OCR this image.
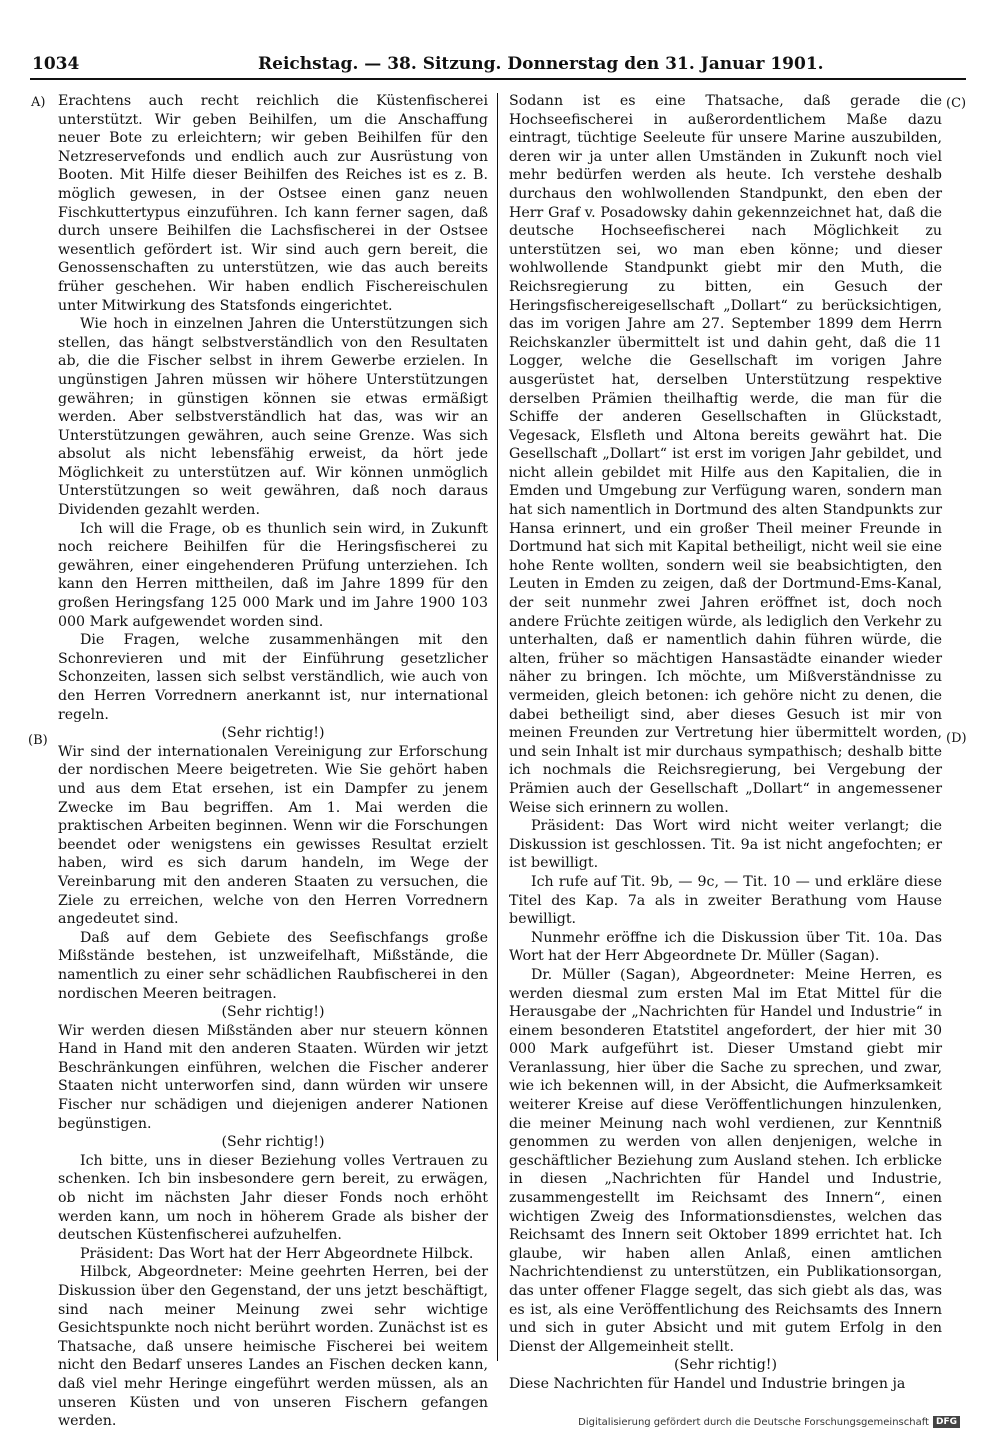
1034	Reichstag. — 38. Sitzung. Donnerstag den 31. Januar 1901.
A)
(B)
(C)
(D)

Erachtens auch recht reichlich die Küstenfischerei unterstützt. Wir geben Beihilfen, um die Anschaffung neuer Bote zu erleichtern; wir geben Beihilfen für den Netzreservefonds und endlich auch zur Ausrüstung von Booten. Mit Hilfe dieser Beihilfen des Reiches ist es z. B. möglich gewesen, in der Ostsee einen ganz neuen Fischkuttertypus einzuführen. Ich kann ferner sagen, daß durch unsere Beihilfen die Lachsfischerei in der Ostsee wesentlich gefördert ist. Wir sind auch gern bereit, die Genossenschaften zu unterstützen, wie das auch bereits früher geschehen. Wir haben endlich Fischereischulen unter Mitwirkung des Statsfonds eingerichtet.

Wie hoch in einzelnen Jahren die Unterstützungen sich stellen, das hängt selbstverständlich von den Resultaten ab, die die Fischer selbst in ihrem Gewerbe erzielen. In ungünstigen Jahren müssen wir höhere Unterstützungen gewähren; in günstigen können sie etwas ermäßigt werden. Aber selbstverständlich hat das, was wir an Unterstützungen gewähren, auch seine Grenze. Was sich absolut als nicht lebensfähig erweist, da hört jede Möglichkeit zu unterstützen auf. Wir können unmöglich Unterstützungen so weit gewähren, daß noch daraus Dividenden gezahlt werden.

Ich will die Frage, ob es thunlich sein wird, in Zukunft noch reichere Beihilfen für die Heringsfischerei zu gewähren, einer eingehenderen Prüfung unterziehen. Ich kann den Herren mittheilen, daß im Jahre 1899 für den großen Heringsfang 125 000 Mark und im Jahre 1900 103 000 Mark aufgewendet worden sind.

Die Fragen, welche zusammenhängen mit den Schonrevieren und mit der Einführung gesetzlicher Schonzeiten, lassen sich selbst verständlich, wie auch von den Herren Vorrednern anerkannt ist, nur international regeln.

(Sehr richtig!)

Wir sind der internationalen Vereinigung zur Erforschung der nordischen Meere beigetreten. Wie Sie gehört haben und aus dem Etat ersehen, ist ein Dampfer zu jenem Zwecke im Bau begriffen. Am 1. Mai werden die praktischen Arbeiten beginnen. Wenn wir die Forschungen beendet oder wenigstens ein gewisses Resultat erzielt haben, wird es sich darum handeln, im Wege der Vereinbarung mit den anderen Staaten zu versuchen, die Ziele zu erreichen, welche von den Herren Vorrednern angedeutet sind.

Daß auf dem Gebiete des Seefischfangs große Mißstände bestehen, ist unzweifelhaft, Mißstände, die namentlich zu einer sehr schädlichen Raubfischerei in den nordischen Meeren beitragen.

(Sehr richtig!)

Wir werden diesen Mißständen aber nur steuern können Hand in Hand mit den anderen Staaten. Würden wir jetzt Beschränkungen einführen, welchen die Fischer anderer Staaten nicht unterworfen sind, dann würden wir unsere Fischer nur schädigen und diejenigen anderer Nationen begünstigen.

(Sehr richtig!)

Ich bitte, uns in dieser Beziehung volles Vertrauen zu schenken. Ich bin insbesondere gern bereit, zu erwägen, ob nicht im nächsten Jahr dieser Fonds noch erhöht werden kann, um noch in höherem Grade als bisher der deutschen Küstenfischerei aufzuhelfen.

Präsident: Das Wort hat der Herr Abgeordnete Hilbck.

Hilbck, Abgeordneter: Meine geehrten Herren, bei der Diskussion über den Gegenstand, der uns jetzt beschäftigt, sind nach meiner Meinung zwei sehr wichtige Gesichtspunkte noch nicht berührt worden. Zunächst ist es Thatsache, daß unsere heimische Fischerei bei weitem nicht den Bedarf unseres Landes an Fischen decken kann, daß viel mehr Heringe eingeführt werden müssen, als an unseren Küsten und von unseren Fischern gefangen werden.

Sodann ist es eine Thatsache, daß gerade die Hochseefischerei in außerordentlichem Maße dazu eintragt, tüchtige Seeleute für unsere Marine auszubilden, deren wir ja unter allen Umständen in Zukunft noch viel mehr bedürfen werden als heute. Ich verstehe deshalb durchaus den wohlwollenden Standpunkt, den eben der Herr Graf v. Posadowsky dahin gekennzeichnet hat, daß die deutsche Hochseefischerei nach Möglichkeit zu unterstützen sei, wo man eben könne; und dieser wohlwollende Standpunkt giebt mir den Muth, die Reichsregierung zu bitten, ein Gesuch der Heringsfischereigesellschaft „Dollart“ zu berücksichtigen, das im vorigen Jahre am 27. September 1899 dem Herrn Reichskanzler übermittelt ist und dahin geht, daß die 11 Logger, welche die Gesellschaft im vorigen Jahre ausgerüstet hat, derselben Unterstützung respektive derselben Prämien theilhaftig werde, die man für die Schiffe der anderen Gesellschaften in Glückstadt, Vegesack, Elsfleth und Altona bereits gewährt hat. Die Gesellschaft „Dollart“ ist erst im vorigen Jahr gebildet, und nicht allein gebildet mit Hilfe aus den Kapitalien, die in Emden und Umgebung zur Verfügung waren, sondern man hat sich namentlich in Dortmund des alten Standpunkts zur Hansa erinnert, und ein großer Theil meiner Freunde in Dortmund hat sich mit Kapital betheiligt, nicht weil sie eine hohe Rente wollten, sondern weil sie beabsichtigten, den Leuten in Emden zu zeigen, daß der Dortmund-Ems-Kanal, der seit nunmehr zwei Jahren eröffnet ist, doch noch andere Früchte zeitigen würde, als lediglich den Verkehr zu unterhalten, daß er namentlich dahin führen würde, die alten, früher so mächtigen Hansastädte einander wieder näher zu bringen. Ich möchte, um Mißverständnisse zu vermeiden, gleich betonen: ich gehöre nicht zu denen, die dabei betheiligt sind, aber dieses Gesuch ist mir von meinen Freunden zur Vertretung hier übermittelt worden, und sein Inhalt ist mir durchaus sympathisch; deshalb bitte ich nochmals die Reichsregierung, bei Vergebung der Prämien auch der Gesellschaft „Dollart“ in angemessener Weise sich erinnern zu wollen.

Präsident: Das Wort wird nicht weiter verlangt; die Diskussion ist geschlossen. Tit. 9a ist nicht angefochten; er ist bewilligt.

Ich rufe auf Tit. 9b, — 9c, — Tit. 10 — und erkläre diese Titel des Kap. 7a als in zweiter Berathung vom Hause bewilligt.

Nunmehr eröffne ich die Diskussion über Tit. 10a. Das Wort hat der Herr Abgeordnete Dr. Müller (Sagan).

Dr. Müller (Sagan), Abgeordneter: Meine Herren, es werden diesmal zum ersten Mal im Etat Mittel für die Herausgabe der „Nachrichten für Handel und Industrie“ in einem besonderen Etatstitel angefordert, der hier mit 30 000 Mark aufgeführt ist. Dieser Umstand giebt mir Veranlassung, hier über die Sache zu sprechen, und zwar, wie ich bekennen will, in der Absicht, die Aufmerksamkeit weiterer Kreise auf diese Veröffentlichungen hinzulenken, die meiner Meinung nach wohl verdienen, zur Kenntniß genommen zu werden von allen denjenigen, welche in geschäftlicher Beziehung zum Ausland stehen. Ich erblicke in diesen „Nachrichten für Handel und Industrie, zusammengestellt im Reichsamt des Innern“, einen wichtigen Zweig des Informationsdienstes, welchen das Reichsamt des Innern seit Oktober 1899 errichtet hat. Ich glaube, wir haben allen Anlaß, einen amtlichen Nachrichtendienst zu unterstützen, ein Publikationsorgan, das unter offener Flagge segelt, das sich giebt als das, was es ist, als eine Veröffentlichung des Reichsamts des Innern und sich in guter Absicht und mit gutem Erfolg in den Dienst der Allgemeinheit stellt.

(Sehr richtig!)

Diese Nachrichten für Handel und Industrie bringen ja

Digitalisierung gefördert durch die Deutsche Forschungsgemeinschaft DFG
